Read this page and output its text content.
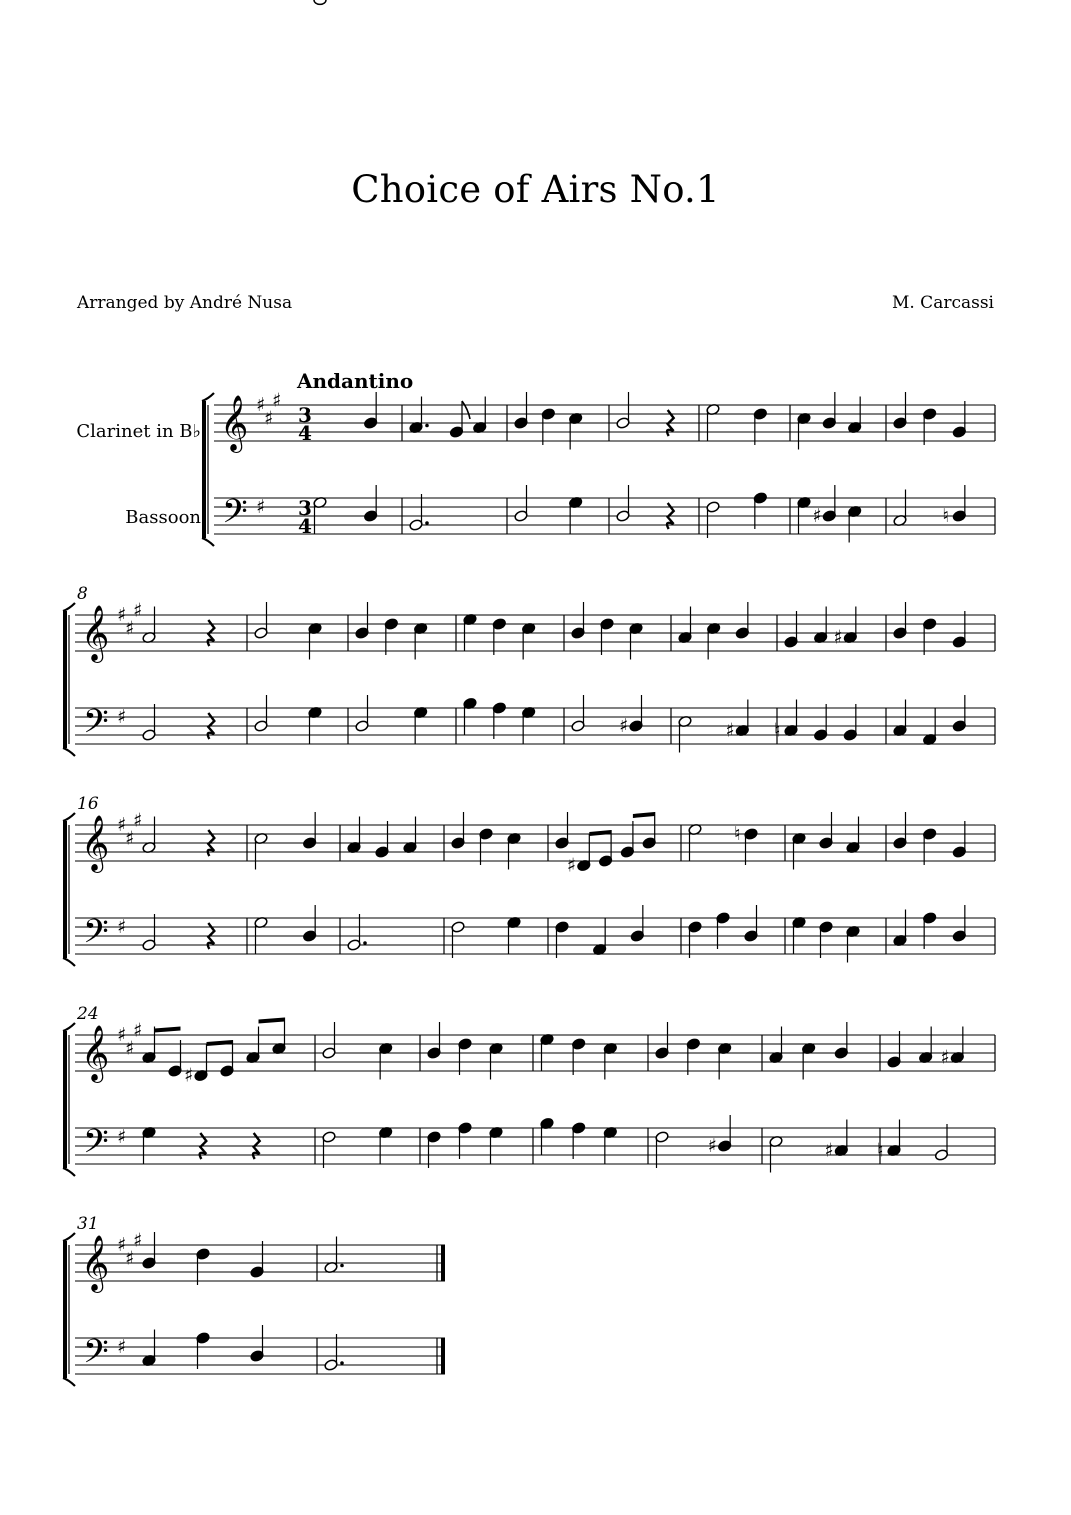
Choice of Airs No.1
Arranged by André Nusa	M. Carcassi
Andantino
Clarinet in B♭
Bassoon
8
16
24
31
𝄞
𝄢
♯
♯
♯
♯
3
4
3
4	♯	♮
𝄞
𝄢
♯
♯
♯
♯	♯	♯
♯
♮
𝄞
𝄢
♯
♯
♯
♯
♯
♮
𝄞
𝄢
♯
♯
♯
♯
♯
♯	♯
♯
♮
𝄞
𝄢
♯
♯
♯
♯
